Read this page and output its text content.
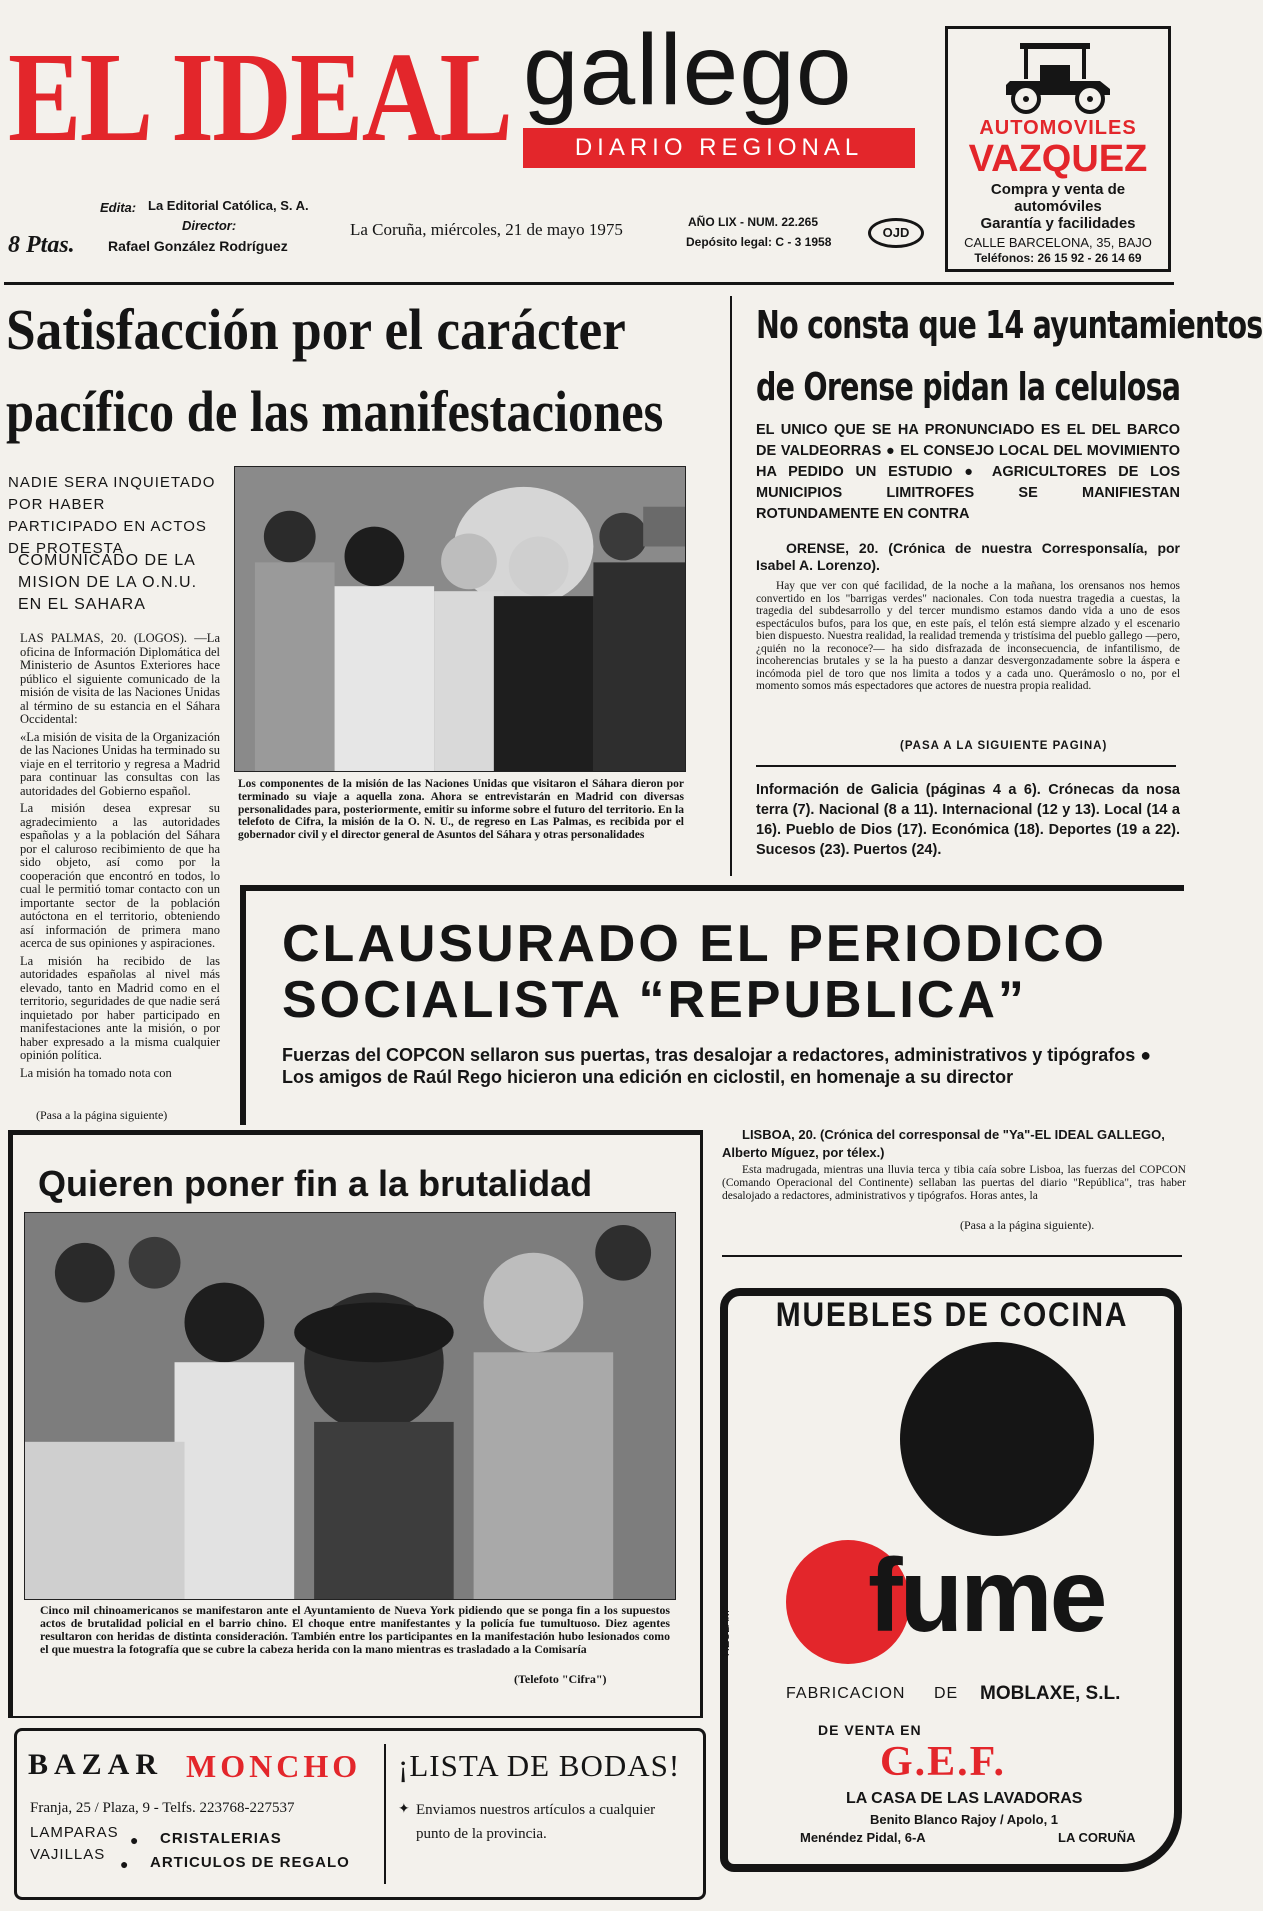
EL IDEAL gallego
DIARIO REGIONAL
AUTOMOVILES
VAZQUEZ
Compra y venta de
automóviles
Garantía y facilidades
CALLE BARCELONA, 35, BAJO
Teléfonos: 26 15 92 - 26 14 69
8 Ptas.
Edita: La Editorial Católica, S. A.
Director:
Rafael González Rodríguez
La Coruña, miércoles, 21 de mayo 1975	AÑO LIX - NUM. 22.265
Depósito legal: C - 3 1958
OJD
Satisfacción por el carácter
pacífico de las manifestaciones
NADIE SERA INQUIETADO POR HABER PARTICIPADO EN ACTOS DE PROTESTA
COMUNICADO DE LA MISION DE LA O.N.U. EN EL SAHARA

LAS PALMAS, 20. (LOGOS). —La oficina de Información Diplomática del Ministerio de Asuntos Exteriores hace público el siguiente comunicado de la misión de visita de las Naciones Unidas al término de su estancia en el Sáhara Occidental:

«La misión de visita de la Organización de las Naciones Unidas ha terminado su viaje en el territorio y regresa a Madrid para continuar las consultas con las autoridades del Gobierno español.

La misión desea expresar su agradecimiento a las autoridades españolas y a la población del Sáhara por el caluroso recibimiento de que ha sido objeto, así como por la cooperación que encontró en todos, lo cual le permitió tomar contacto con un importante sector de la población autóctona en el territorio, obteniendo así información de primera mano acerca de sus opiniones y aspiraciones.

La misión ha recibido de las autoridades españolas al nivel más elevado, tanto en Madrid como en el territorio, seguridades de que nadie será inquietado por haber participado en manifestaciones ante la misión, o por haber expresado a la misma cualquier opinión política.

La misión ha tomado nota con

(Pasa a la página siguiente)
Los componentes de la misión de las Naciones Unidas que visitaron el Sáhara dieron por terminado su viaje a aquella zona. Ahora se entrevistarán en Madrid con diversas personalidades para, posteriormente, emitir su informe sobre el futuro del territorio. En la telefoto de Cifra, la misión de la O. N. U., de regreso en Las Palmas, es recibida por el gobernador civil y el director general de Asuntos del Sáhara y otras personalidades
No consta que 14 ayuntamientos
de Orense pidan la celulosa
EL UNICO QUE SE HA PRONUNCIADO ES EL DEL BARCO DE VALDEORRAS ● EL CONSEJO LOCAL DEL MOVIMIENTO HA PEDIDO UN ESTUDIO ● AGRICULTORES DE LOS MUNICIPIOS LIMITROFES SE MANIFIESTAN ROTUNDAMENTE EN CONTRA
ORENSE, 20. (Crónica de nuestra Corresponsalía, por Isabel A. Lorenzo).

Hay que ver con qué facilidad, de la noche a la mañana, los orensanos nos hemos convertido en los "barrigas verdes" nacionales. Con toda nuestra tragedia a cuestas, la tragedia del subdesarrollo y del tercer mundismo estamos dando vida a uno de esos espectáculos bufos, para los que, en este país, el telón está siempre alzado y el escenario bien dispuesto. Nuestra realidad, la realidad tremenda y tristísima del pueblo gallego —pero, ¿quién no la reconoce?— ha sido disfrazada de inconsecuencia, de infantilismo, de incoherencias brutales y se la ha puesto a danzar desvergonzadamente sobre la áspera e incómoda piel de toro que nos limita a todos y a cada uno. Querámoslo o no, por el momento somos más espectadores que actores de nuestra propia realidad.

(PASA A LA SIGUIENTE PAGINA)
Información de Galicia (páginas 4 a 6). Crónecas da nosa terra (7). Nacional (8 a 11). Internacional (12 y 13). Local (14 a 16). Pueblo de Dios (17). Económica (18). Deportes (19 a 22). Sucesos (23). Puertos (24).
CLAUSURADO EL PERIODICO
SOCIALISTA “REPUBLICA”
Fuerzas del COPCON sellaron sus puertas, tras desalojar a redactores, administrativos y tipógrafos ● Los amigos de Raúl Rego hicieron una edición en ciclostil, en homenaje a su director
LISBOA, 20. (Crónica del corresponsal de "Ya"-EL IDEAL GALLEGO, Alberto Míguez, por télex.)

Esta madrugada, mientras una lluvia terca y tibia caía sobre Lisboa, las fuerzas del COPCON (Comando Operacional del Continente) sellaban las puertas del diario "República", tras haber desalojado a redactores, administrativos y tipógrafos. Horas antes, la

(Pasa a la página siguiente).
Quieren poner fin a la brutalidad

Cinco mil chinoamericanos se manifestaron ante el Ayuntamiento de Nueva York pidiendo que se ponga fin a los supuestos actos de brutalidad policial en el barrio chino. El choque entre manifestantes y la policía fue tumultuoso. Diez agentes resultaron con heridas de distinta consideración. También entre los participantes en la manifestación hubo lesionados como el que muestra la fotografía que se cubre la cabeza herida con la mano mientras es trasladado a la Comisaría

(Telefoto "Cifra")
BAZAR MONCHO
Franja, 25 / Plaza, 9 - Telfs. 223768-227537
LAMPARAS
VAJILLAS
●
●
CRISTALERIAS
ARTICULOS DE REGALO
¡LISTA DE BODAS!
✦ Enviamos nuestros artículos a cualquier punto de la provincia.
MUEBLES DE COCINA
fume
"RECLAM"
FABRICACION DE MOBLAXE, S.L.
DE VENTA EN
G.E.F.
LA CASA DE LAS LAVADORAS
Benito Blanco Rajoy / Apolo, 1
Menéndez Pidal, 6-A	LA CORUÑA
